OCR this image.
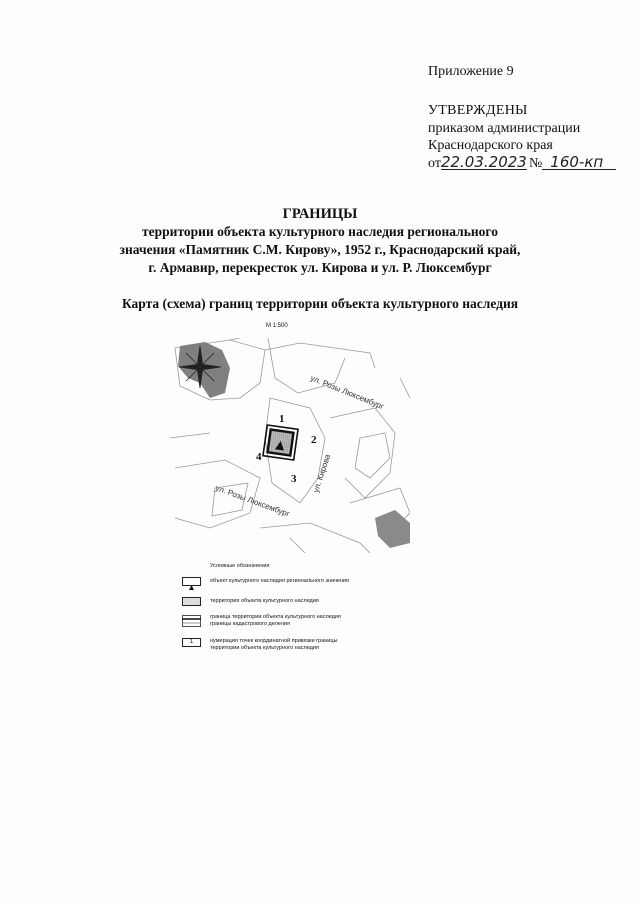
Приложение 9
УТВЕРЖДЕНЫ
приказом администрации
Краснодарского края
от22.03.2023 № 160-кп
ГРАНИЦЫ
территории объекта культурного наследия регионального
значения «Памятник С.М. Кирову», 1952 г., Краснодарский край,
г. Армавир, перекресток ул. Кирова и ул. Р. Люксембург
Карта (схема) границ территории объекта культурного наследия
М 1:500
ул. Розы Люксембург
ул. Розы Люксембург
ул. Кирова
1
2
3
4
Условные обозначения
объект культурного наследия регионального значения
территория объекта культурного наследия
граница территории объекта культурного наследия
границы кадастрового деления
1	нумерация точек координатной привязки границы
территории объекта культурного наследия
